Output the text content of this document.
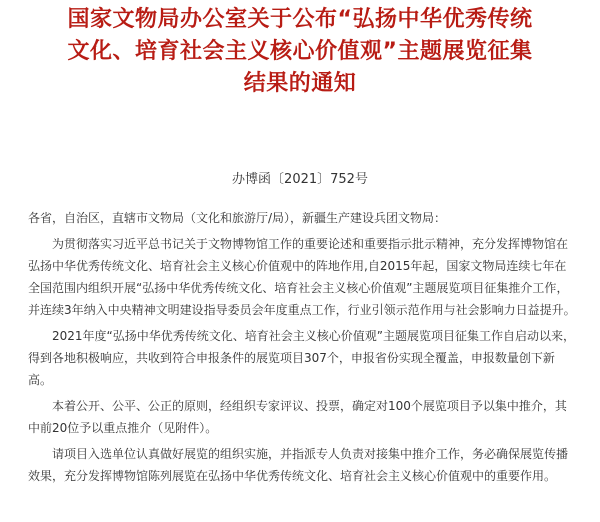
国家文物局办公室关于公布“弘扬中华优秀传统
文化、培育社会主义核心价值观”主题展览征集
结果的通知
办博函〔2021〕752号

各省，自治区，直辖市文物局（文化和旅游厅/局），新疆生产建设兵团文物局：

为贯彻落实习近平总书记关于文物博物馆工作的重要论述和重要指示批示精神，充分发挥博物馆在弘扬中华优秀传统文化、培育社会主义核心价值观中的阵地作用,自2015年起，国家文物局连续七年在全国范围内组织开展“弘扬中华优秀传统文化、培育社会主义核心价值观”主题展览项目征集推介工作，并连续3年纳入中央精神文明建设指导委员会年度重点工作，行业引领示范作用与社会影响力日益提升。

2021年度“弘扬中华优秀传统文化、培育社会主义核心价值观”主题展览项目征集工作自启动以来，得到各地积极响应，共收到符合申报条件的展览项目307个，申报省份实现全覆盖，申报数量创下新高。

本着公开、公平、公正的原则，经组织专家评议、投票，确定对100个展览项目予以集中推介，其中前20位予以重点推介（见附件）。

请项目入选单位认真做好展览的组织实施，并指派专人负责对接集中推介工作，务必确保展览传播效果，充分发挥博物馆陈列展览在弘扬中华优秀传统文化、培育社会主义核心价值观中的重要作用。
